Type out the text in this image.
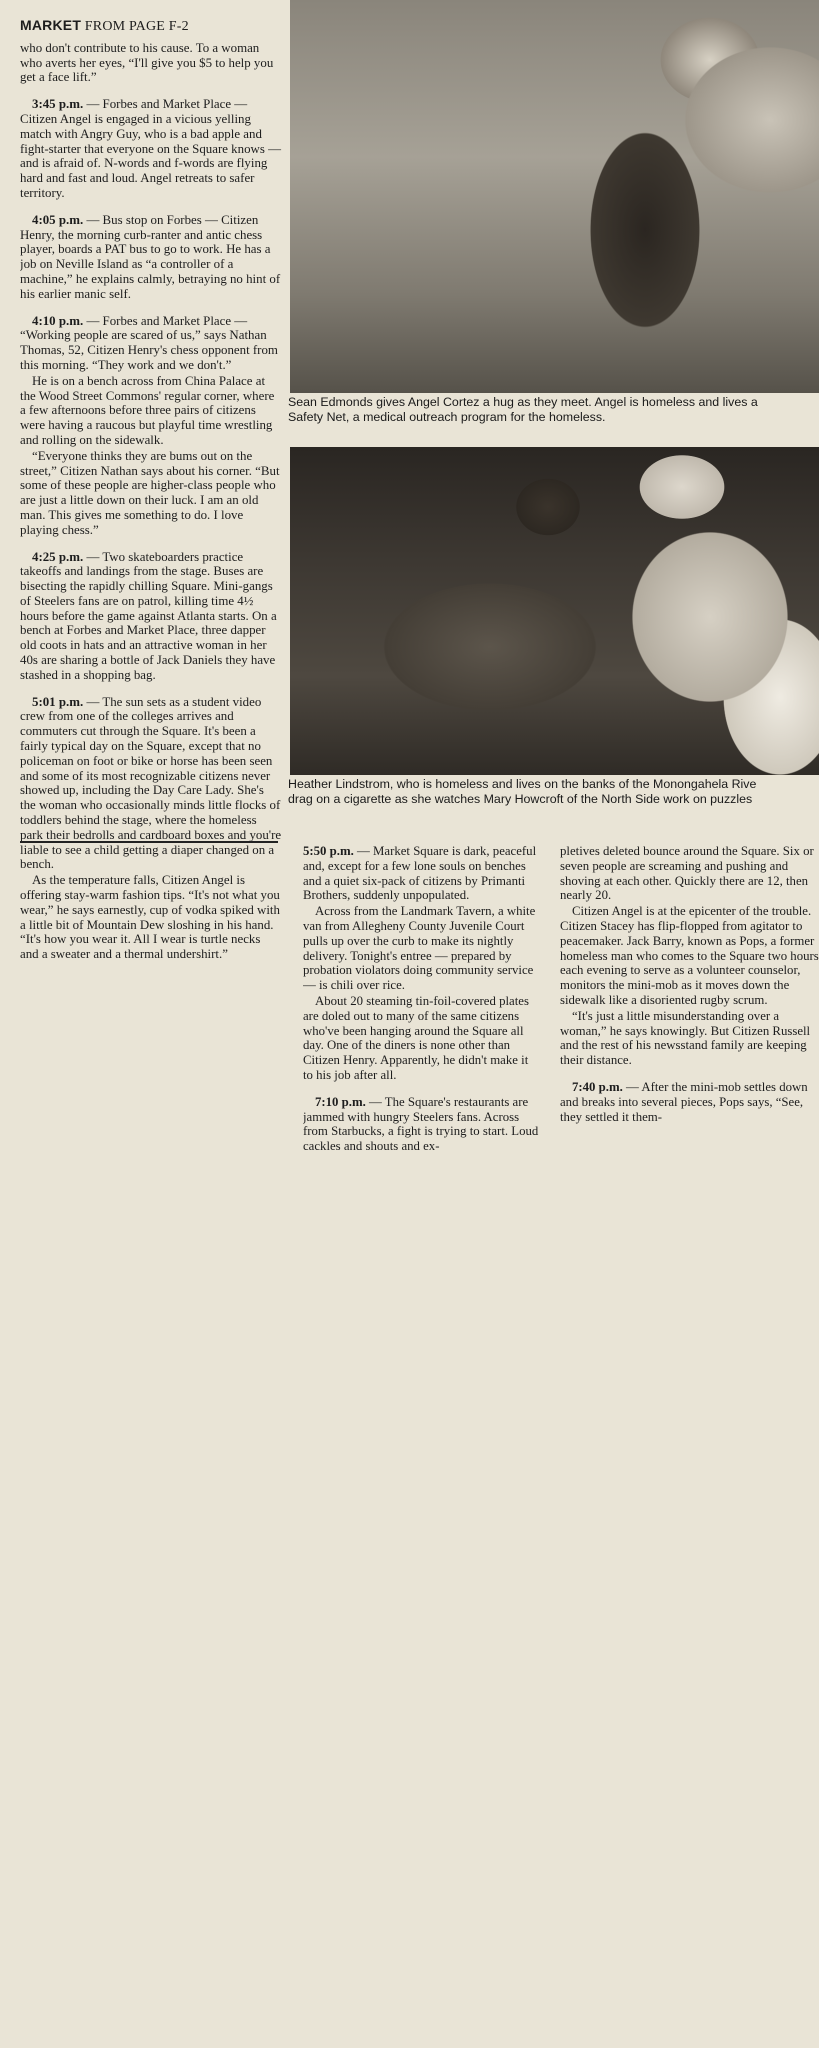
MARKET FROM PAGE F-2

who don't contribute to his cause. To a woman who averts her eyes, “I'll give you $5 to help you get a face lift.”

3:45 p.m. — Forbes and Market Place — Citizen Angel is engaged in a vicious yelling match with Angry Guy, who is a bad apple and fight-starter that everyone on the Square knows — and is afraid of. N-words and f-words are flying hard and fast and loud. Angel retreats to safer territory.

4:05 p.m. — Bus stop on Forbes — Citizen Henry, the morning curb-ranter and antic chess player, boards a PAT bus to go to work. He has a job on Neville Island as “a controller of a machine,” he explains calmly, betraying no hint of his earlier manic self.

4:10 p.m. — Forbes and Market Place — “Working people are scared of us,” says Nathan Thomas, 52, Citizen Henry's chess opponent from this morning. “They work and we don't.”

He is on a bench across from China Palace at the Wood Street Commons' regular corner, where a few afternoons before three pairs of citizens were having a raucous but playful time wrestling and rolling on the sidewalk.

“Everyone thinks they are bums out on the street,” Citizen Nathan says about his corner. “But some of these people are higher-class people who are just a little down on their luck. I am an old man. This gives me something to do. I love playing chess.”

4:25 p.m. — Two skateboarders practice takeoffs and landings from the stage. Buses are bisecting the rapidly chilling Square. Mini-gangs of Steelers fans are on patrol, killing time 4½ hours before the game against Atlanta starts. On a bench at Forbes and Market Place, three dapper old coots in hats and an attractive woman in her 40s are sharing a bottle of Jack Daniels they have stashed in a shopping bag.

5:01 p.m. — The sun sets as a student video crew from one of the colleges arrives and commuters cut through the Square. It's been a fairly typical day on the Square, except that no policeman on foot or bike or horse has been seen and some of its most recognizable citizens never showed up, including the Day Care Lady. She's the woman who occasionally minds little flocks of toddlers behind the stage, where the homeless park their bedrolls and cardboard boxes and you're liable to see a child getting a diaper changed on a bench.

As the temperature falls, Citizen Angel is offering stay-warm fashion tips. “It's not what you wear,” he says earnestly, cup of vodka spiked with a little bit of Mountain Dew sloshing in his hand. “It's how you wear it. All I wear is turtle necks and a sweater and a thermal undershirt.”

Sean Edmonds gives Angel Cortez a hug as they meet. Angel is homeless and lives a
Safety Net, a medical outreach program for the homeless.
Heather Lindstrom, who is homeless and lives on the banks of the Monongahela Rive
drag on a cigarette as she watches Mary Howcroft of the North Side work on puzzles

5:50 p.m. — Market Square is dark, peaceful and, except for a few lone souls on benches and a quiet six-pack of citizens by Primanti Brothers, suddenly unpopulated.

Across from the Landmark Tavern, a white van from Allegheny County Juvenile Court pulls up over the curb to make its nightly delivery. Tonight's entree — prepared by probation violators doing community service — is chili over rice.

About 20 steaming tin-foil-covered plates are doled out to many of the same citizens who've been hanging around the Square all day. One of the diners is none other than Citizen Henry. Apparently, he didn't make it to his job after all.

7:10 p.m. — The Square's restaurants are jammed with hungry Steelers fans. Across from Starbucks, a fight is trying to start. Loud cackles and shouts and ex-

pletives deleted bounce around the Square. Six or seven people are screaming and pushing and shoving at each other. Quickly there are 12, then nearly 20.

Citizen Angel is at the epicenter of the trouble. Citizen Stacey has flip-flopped from agitator to peacemaker. Jack Barry, known as Pops, a former homeless man who comes to the Square two hours each evening to serve as a volunteer counselor, monitors the mini-mob as it moves down the sidewalk like a disoriented rugby scrum.

“It's just a little misunderstanding over a woman,” he says knowingly. But Citizen Russell and the rest of his newsstand family are keeping their distance.

7:40 p.m. — After the mini-mob settles down and breaks into several pieces, Pops says, “See, they settled it them-
